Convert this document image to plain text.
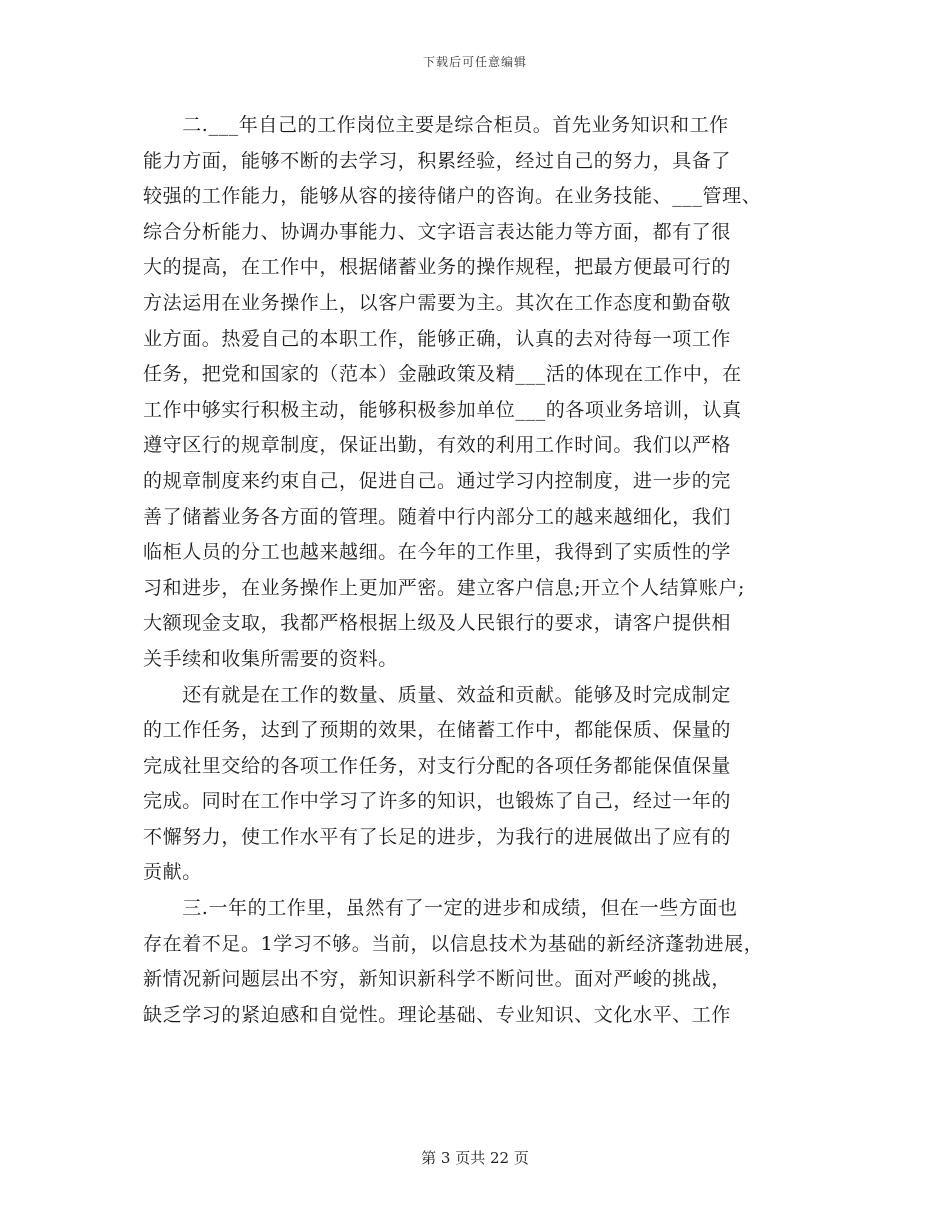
下载后可任意编辑
　　二.___年自己的工作岗位主要是综合柜员。首先业务知识和工作
能力方面，能够不断的去学习，积累经验，经过自己的努力，具备了
较强的工作能力，能够从容的接待储户的咨询。在业务技能、___管理、
综合分析能力、协调办事能力、文字语言表达能力等方面，都有了很
大的提高，在工作中，根据储蓄业务的操作规程，把最方便最可行的
方法运用在业务操作上，以客户需要为主。其次在工作态度和勤奋敬
业方面。热爱自己的本职工作，能够正确，认真的去对待每一项工作
任务，把党和国家的（范本）金融政策及精___活的体现在工作中，在
工作中够实行积极主动，能够积极参加单位___的各项业务培训，认真
遵守区行的规章制度，保证出勤，有效的利用工作时间。我们以严格
的规章制度来约束自己，促进自己。通过学习内控制度，进一步的完
善了储蓄业务各方面的管理。随着中行内部分工的越来越细化，我们
临柜人员的分工也越来越细。在今年的工作里，我得到了实质性的学
习和进步，在业务操作上更加严密。建立客户信息;开立个人结算账户;
大额现金支取，我都严格根据上级及人民银行的要求，请客户提供相
关手续和收集所需要的资料。
　　还有就是在工作的数量、质量、效益和贡献。能够及时完成制定
的工作任务，达到了预期的效果，在储蓄工作中，都能保质、保量的
完成社里交给的各项工作任务，对支行分配的各项任务都能保值保量
完成。同时在工作中学习了许多的知识，也锻炼了自己，经过一年的
不懈努力，使工作水平有了长足的进步，为我行的进展做出了应有的
贡献。
　　三.一年的工作里，虽然有了一定的进步和成绩，但在一些方面也
存在着不足。1学习不够。当前，以信息技术为基础的新经济蓬勃进展，
新情况新问题层出不穷，新知识新科学不断问世。面对严峻的挑战，
缺乏学习的紧迫感和自觉性。理论基础、专业知识、文化水平、工作
第 3 页共 22 页
